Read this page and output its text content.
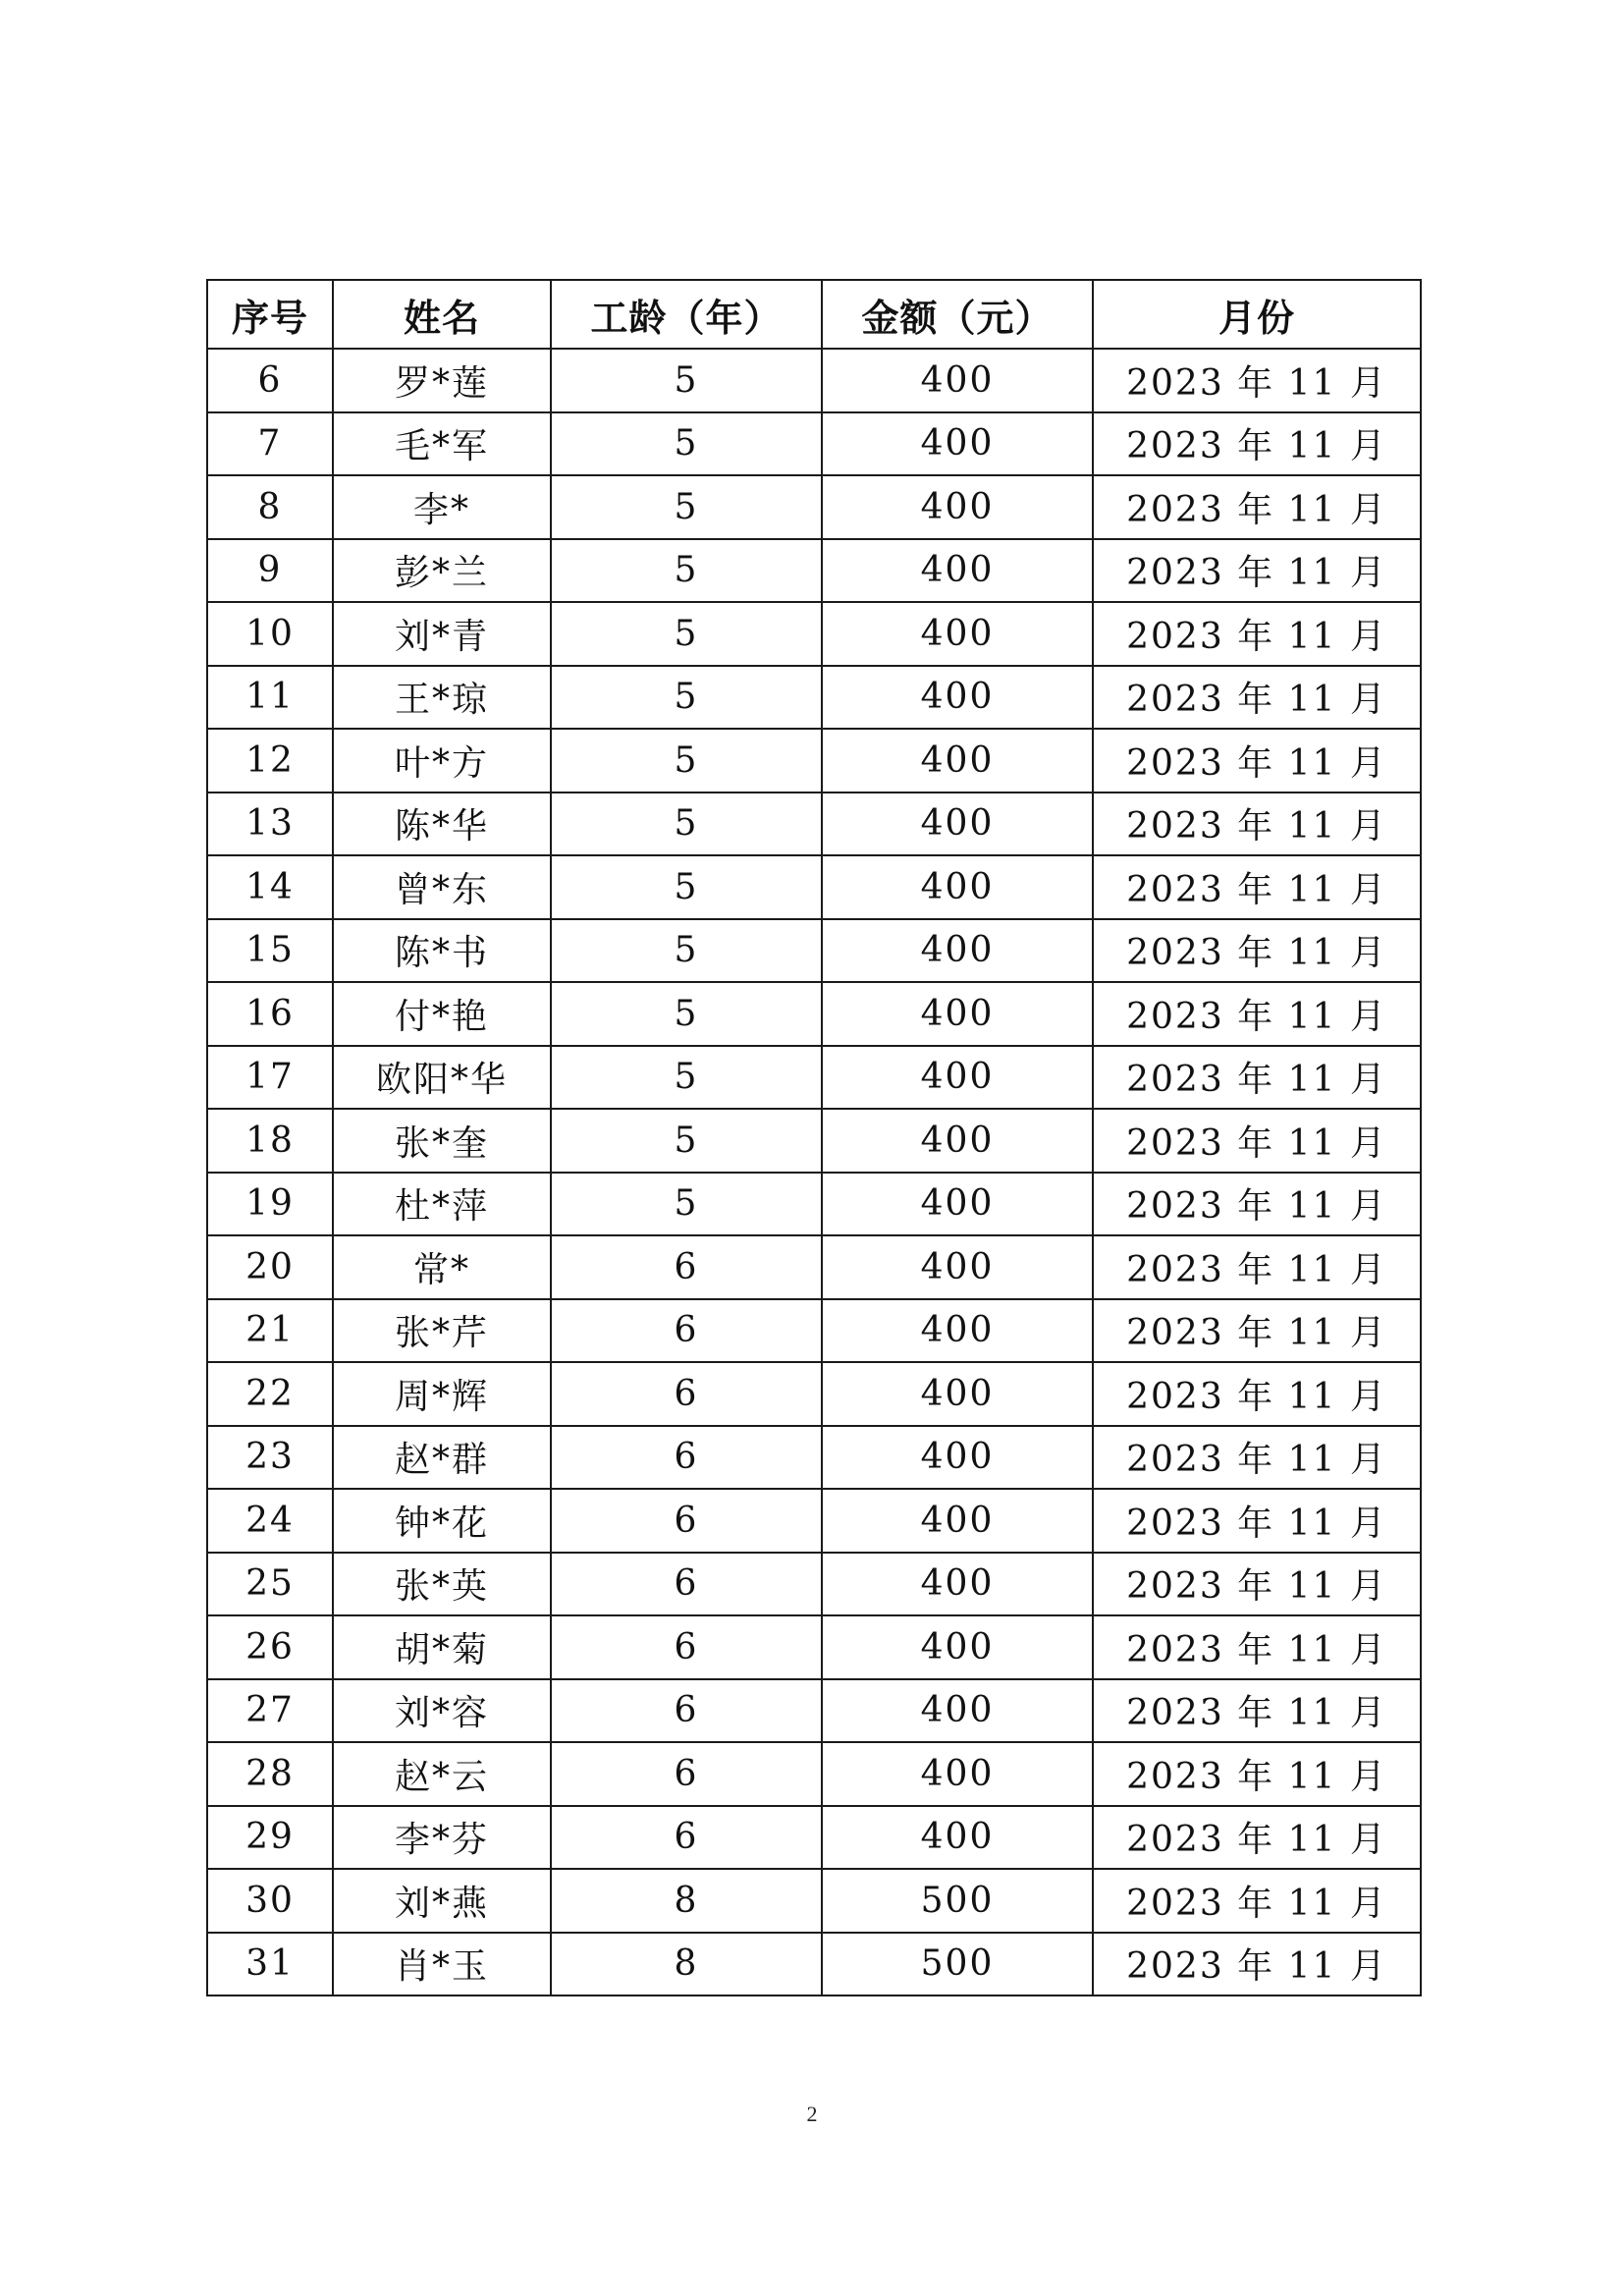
序号	姓名	工龄（年）	金额（元）	月份
6	罗*莲	5	400	2023 年 11 月
7	毛*军	5	400	2023 年 11 月
8	李*	5	400	2023 年 11 月
9	彭*兰	5	400	2023 年 11 月
10	刘*青	5	400	2023 年 11 月
11	王*琼	5	400	2023 年 11 月
12	叶*方	5	400	2023 年 11 月
13	陈*华	5	400	2023 年 11 月
14	曾*东	5	400	2023 年 11 月
15	陈*书	5	400	2023 年 11 月
16	付*艳	5	400	2023 年 11 月
17	欧阳*华	5	400	2023 年 11 月
18	张*奎	5	400	2023 年 11 月
19	杜*萍	5	400	2023 年 11 月
20	常*	6	400	2023 年 11 月
21	张*芹	6	400	2023 年 11 月
22	周*辉	6	400	2023 年 11 月
23	赵*群	6	400	2023 年 11 月
24	钟*花	6	400	2023 年 11 月
25	张*英	6	400	2023 年 11 月
26	胡*菊	6	400	2023 年 11 月
27	刘*容	6	400	2023 年 11 月
28	赵*云	6	400	2023 年 11 月
29	李*芬	6	400	2023 年 11 月
30	刘*燕	8	500	2023 年 11 月
31	肖*玉	8	500	2023 年 11 月
2
